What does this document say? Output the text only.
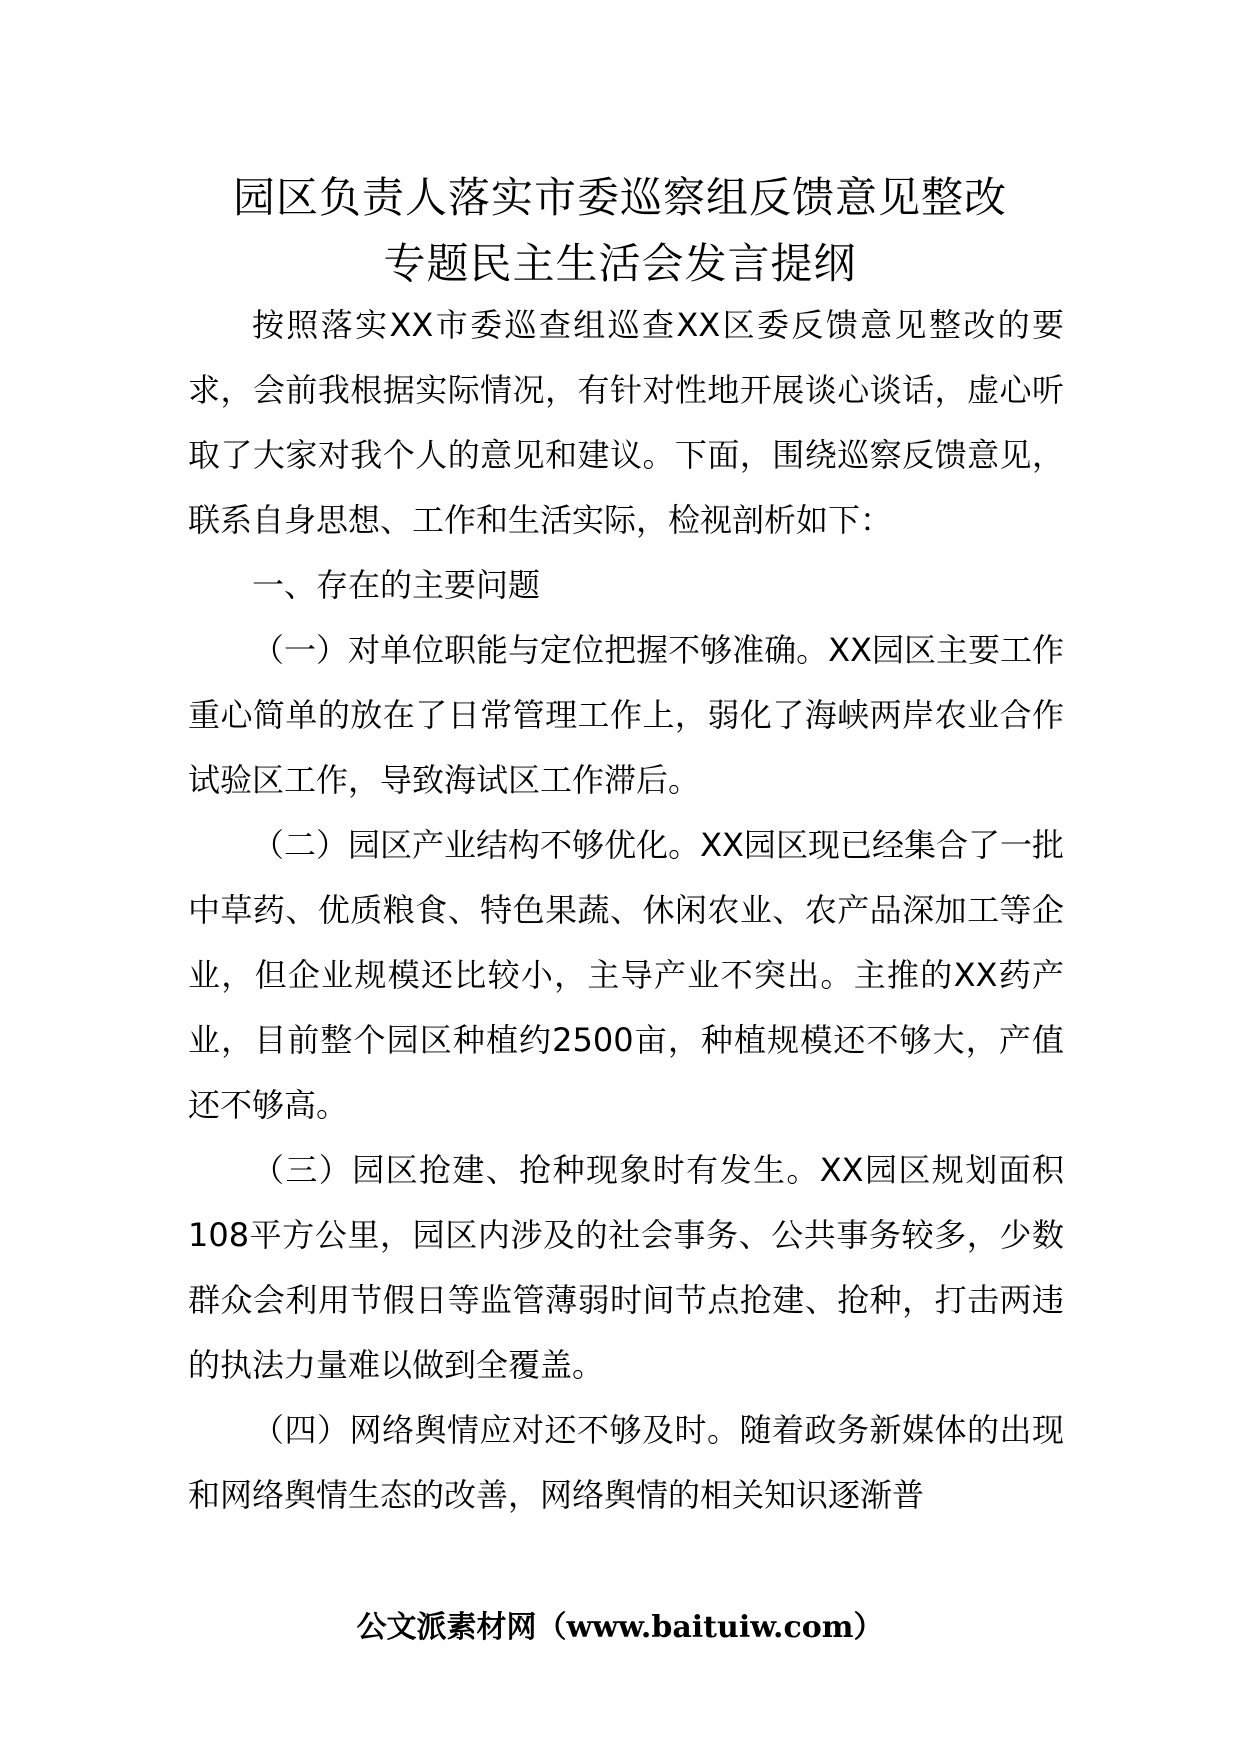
园区负责人落实市委巡察组反馈意见整改
专题民主生活会发言提纲

按照落实XX市委巡查组巡查XX区委反馈意见整改的要求，会前我根据实际情况，有针对性地开展谈心谈话，虚心听取了大家对我个人的意见和建议。下面，围绕巡察反馈意见，联系自身思想、工作和生活实际，检视剖析如下：

一、存在的主要问题

（一）对单位职能与定位把握不够准确。XX园区主要工作重心简单的放在了日常管理工作上，弱化了海峡两岸农业合作试验区工作，导致海试区工作滞后。

（二）园区产业结构不够优化。XX园区现已经集合了一批中草药、优质粮食、特色果蔬、休闲农业、农产品深加工等企业，但企业规模还比较小，主导产业不突出。主推的XX药产业，目前整个园区种植约2500亩，种植规模还不够大，产值还不够高。

（三）园区抢建、抢种现象时有发生。XX园区规划面积108平方公里，园区内涉及的社会事务、公共事务较多，少数群众会利用节假日等监管薄弱时间节点抢建、抢种，打击两违的执法力量难以做到全覆盖。

（四）网络舆情应对还不够及时。随着政务新媒体的出现和网络舆情生态的改善，网络舆情的相关知识逐渐普

公文派素材网（www.baituiw.com）
